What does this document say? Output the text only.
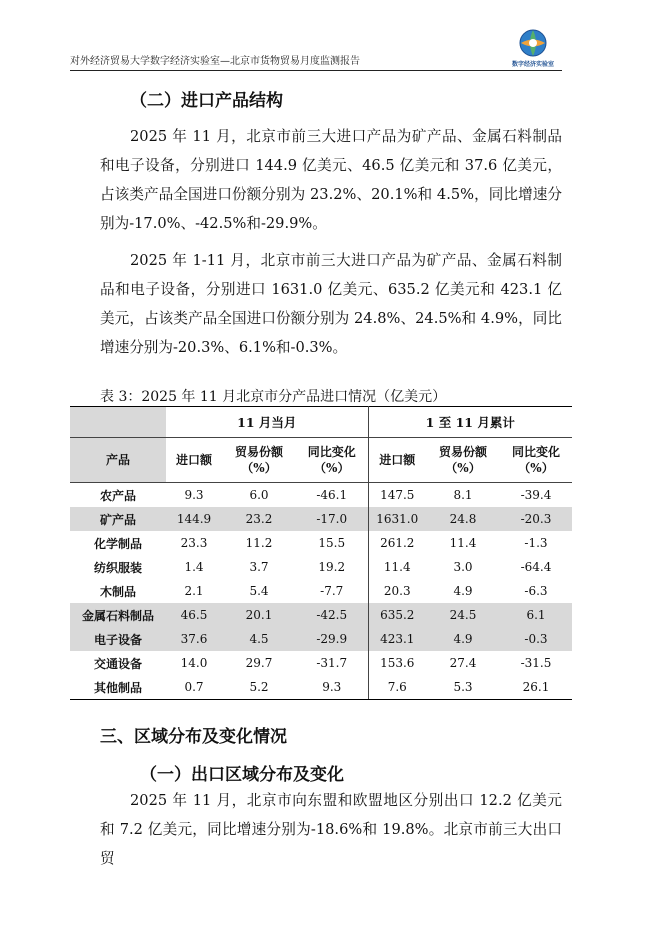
对外经济贸易大学数字经济实验室—北京市货物贸易月度监测报告	数字经济实验室
（二）进口产品结构

2025 年 11 月，北京市前三大进口产品为矿产品、金属石料制品和电子设备，分别进口 144.9 亿美元、46.5 亿美元和 37.6 亿美元，占该类产品全国进口份额分别为 23.2%、20.1%和 4.5%，同比增速分别为-17.0%、-42.5%和-29.9%。

2025 年 1-11 月，北京市前三大进口产品为矿产品、金属石料制品和电子设备，分别进口 1631.0 亿美元、635.2 亿美元和 423.1 亿美元，占该类产品全国进口份额分别为 24.8%、24.5%和 4.9%，同比增速分别为-20.3%、6.1%和-0.3%。

表 3：2025 年 11 月北京市分产品进口情况（亿美元）
	11 月当月			1 至 11 月累计		
产品	进口额	贸易份额（%）	同比变化（%）	进口额	贸易份额（%）	同比变化（%）
农产品	9.3	6.0	-46.1	147.5	8.1	-39.4
矿产品	144.9	23.2	-17.0	1631.0	24.8	-20.3
化学制品	23.3	11.2	15.5	261.2	11.4	-1.3
纺织服装	1.4	3.7	19.2	11.4	3.0	-64.4
木制品	2.1	5.4	-7.7	20.3	4.9	-6.3
金属石料制品	46.5	20.1	-42.5	635.2	24.5	6.1
电子设备	37.6	4.5	-29.9	423.1	4.9	-0.3
交通设备	14.0	29.7	-31.7	153.6	27.4	-31.5
其他制品	0.7	5.2	9.3	7.6	5.3	26.1
三、区域分布及变化情况
（一）出口区域分布及变化

2025 年 11 月，北京市向东盟和欧盟地区分别出口 12.2 亿美元和 7.2 亿美元，同比增速分别为-18.6%和 19.8%。北京市前三大出口贸
